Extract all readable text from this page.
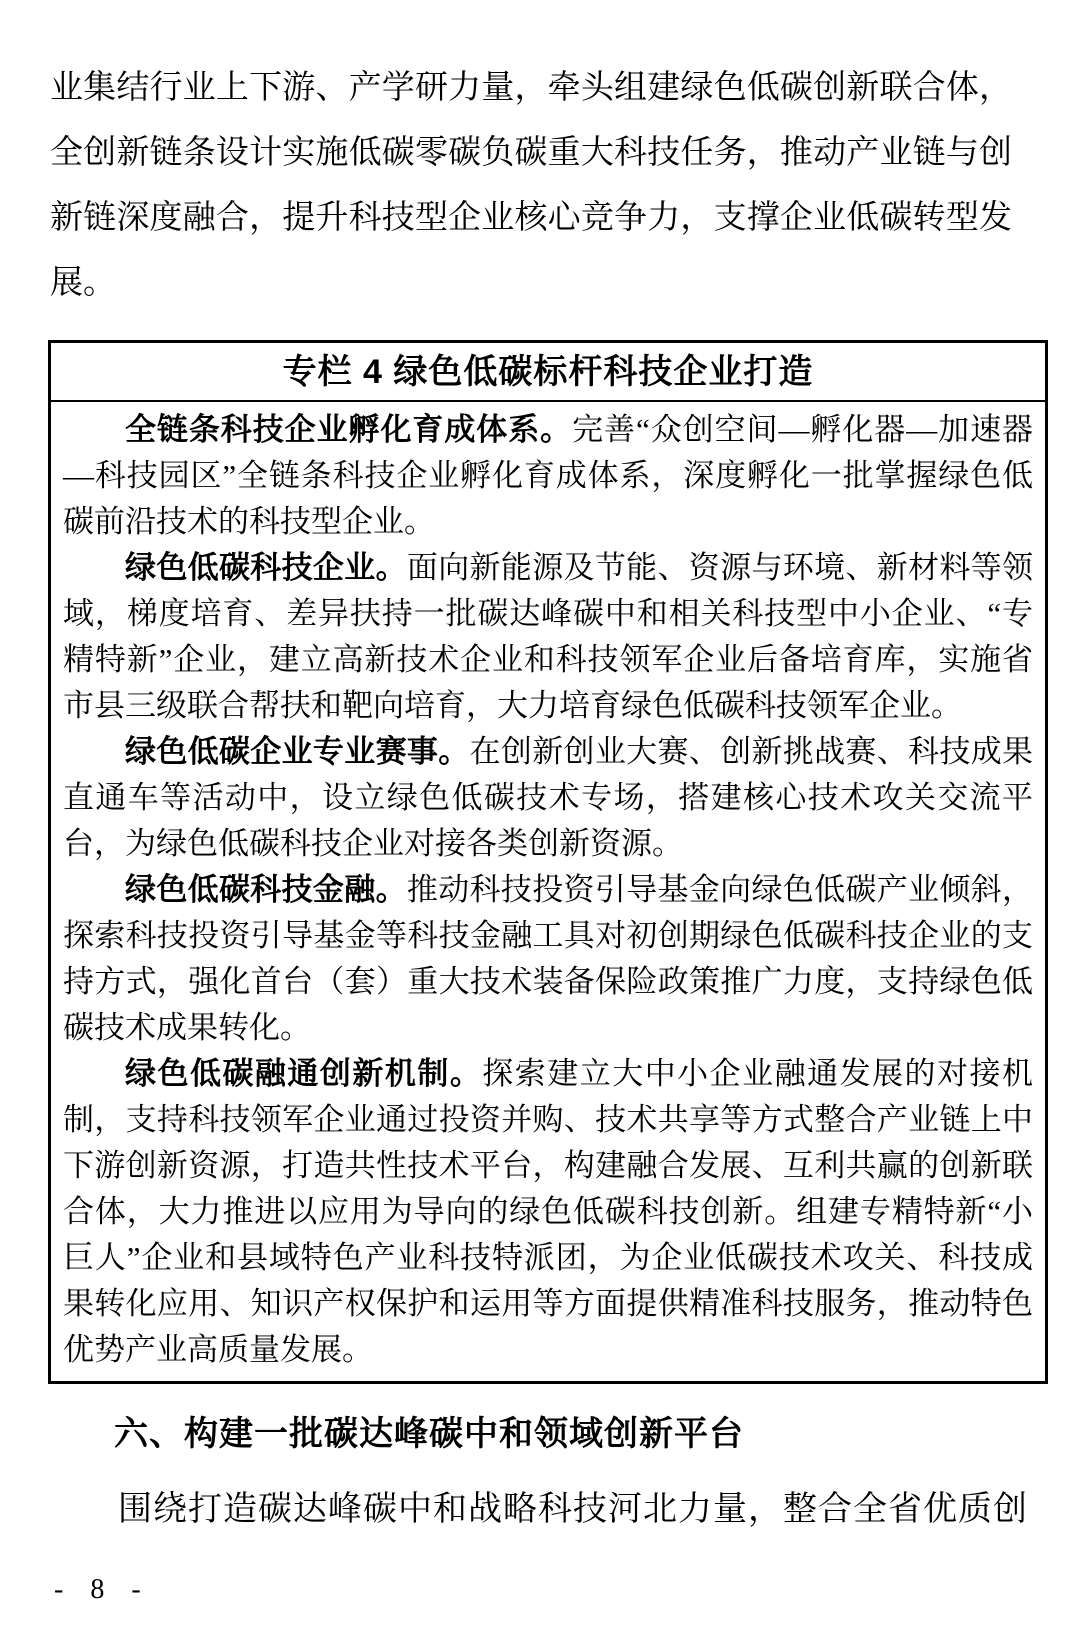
业集结行业上下游、产学研力量，牵头组建绿色低碳创新联合体，全创新链条设计实施低碳零碳负碳重大科技任务，推动产业链与创新链深度融合，提升科技型企业核心竞争力，支撑企业低碳转型发展。

专栏 4 绿色低碳标杆科技企业打造

全链条科技企业孵化育成体系。完善“众创空间—孵化器—加速器—科技园区”全链条科技企业孵化育成体系，深度孵化一批掌握绿色低碳前沿技术的科技型企业。

绿色低碳科技企业。面向新能源及节能、资源与环境、新材料等领域，梯度培育、差异扶持一批碳达峰碳中和相关科技型中小企业、“专精特新”企业，建立高新技术企业和科技领军企业后备培育库，实施省市县三级联合帮扶和靶向培育，大力培育绿色低碳科技领军企业。

绿色低碳企业专业赛事。在创新创业大赛、创新挑战赛、科技成果直通车等活动中，设立绿色低碳技术专场，搭建核心技术攻关交流平台，为绿色低碳科技企业对接各类创新资源。

绿色低碳科技金融。推动科技投资引导基金向绿色低碳产业倾斜，探索科技投资引导基金等科技金融工具对初创期绿色低碳科技企业的支持方式，强化首台（套）重大技术装备保险政策推广力度，支持绿色低碳技术成果转化。

绿色低碳融通创新机制。探索建立大中小企业融通发展的对接机制，支持科技领军企业通过投资并购、技术共享等方式整合产业链上中下游创新资源，打造共性技术平台，构建融合发展、互利共赢的创新联合体，大力推进以应用为导向的绿色低碳科技创新。组建专精特新“小巨人”企业和县域特色产业科技特派团，为企业低碳技术攻关、科技成果转化应用、知识产权保护和运用等方面提供精准科技服务，推动特色优势产业高质量发展。

六、构建一批碳达峰碳中和领域创新平台

围绕打造碳达峰碳中和战略科技河北力量，整合全省优质创

- 8 -
